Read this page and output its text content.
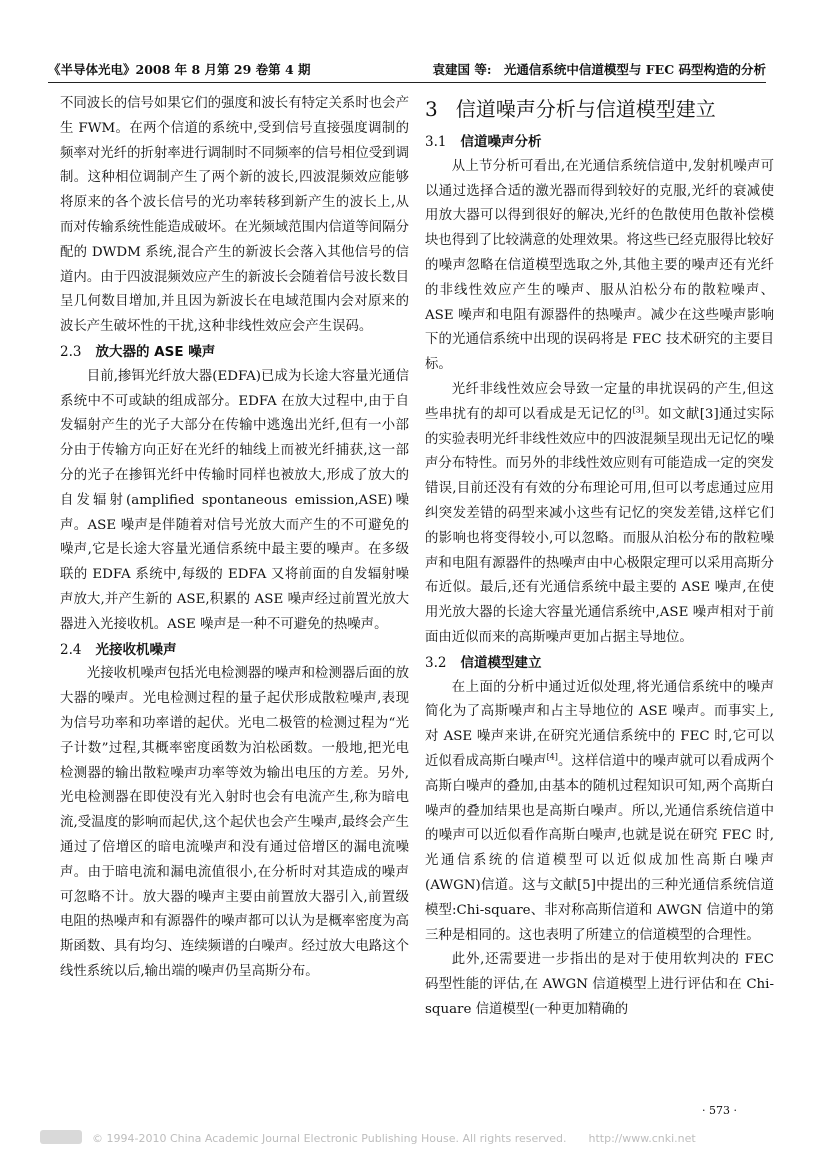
《半导体光电》2008 年 8 月第 29 卷第 4 期	袁建国 等:　光通信系统中信道模型与 FEC 码型构造的分析

不同波长的信号如果它们的强度和波长有特定关系时也会产生 FWM。在两个信道的系统中,受到信号直接强度调制的频率对光纤的折射率进行调制时不同频率的信号相位受到调制。这种相位调制产生了两个新的波长,四波混频效应能够将原来的各个波长信号的光功率转移到新产生的波长上,从而对传输系统性能造成破坏。在光频域范围内信道等间隔分配的 DWDM 系统,混合产生的新波长会落入其他信号的信道内。由于四波混频效应产生的新波长会随着信号波长数目呈几何数目增加,并且因为新波长在电域范围内会对原来的波长产生破坏性的干扰,这种非线性效应会产生误码。

2.3 放大器的 ASE 噪声

目前,掺铒光纤放大器(EDFA)已成为长途大容量光通信系统中不可或缺的组成部分。EDFA 在放大过程中,由于自发辐射产生的光子大部分在传输中逃逸出光纤,但有一小部分由于传输方向正好在光纤的轴线上而被光纤捕获,这一部分的光子在掺铒光纤中传输时同样也被放大,形成了放大的自发辐射(amplified spontaneous emission,ASE)噪声。ASE 噪声是伴随着对信号光放大而产生的不可避免的噪声,它是长途大容量光通信系统中最主要的噪声。在多级联的 EDFA 系统中,每级的 EDFA 又将前面的自发辐射噪声放大,并产生新的 ASE,积累的 ASE 噪声经过前置光放大器进入光接收机。ASE 噪声是一种不可避免的热噪声。

2.4 光接收机噪声

光接收机噪声包括光电检测器的噪声和检测器后面的放大器的噪声。光电检测过程的量子起伏形成散粒噪声,表现为信号功率和功率谱的起伏。光电二极管的检测过程为“光子计数”过程,其概率密度函数为泊松函数。一般地,把光电检测器的输出散粒噪声功率等效为输出电压的方差。另外,光电检测器在即使没有光入射时也会有电流产生,称为暗电流,受温度的影响而起伏,这个起伏也会产生噪声,最终会产生通过了倍增区的暗电流噪声和没有通过倍增区的漏电流噪声。由于暗电流和漏电流值很小,在分析时对其造成的噪声可忽略不计。放大器的噪声主要由前置放大器引入,前置级电阻的热噪声和有源器件的噪声都可以认为是概率密度为高斯函数、具有均匀、连续频谱的白噪声。经过放大电路这个线性系统以后,输出端的噪声仍呈高斯分布。

3 信道噪声分析与信道模型建立
3.1 信道噪声分析

从上节分析可看出,在光通信系统信道中,发射机噪声可以通过选择合适的激光器而得到较好的克服,光纤的衰减使用放大器可以得到很好的解决,光纤的色散使用色散补偿模块也得到了比较满意的处理效果。将这些已经克服得比较好的噪声忽略在信道模型选取之外,其他主要的噪声还有光纤的非线性效应产生的噪声、服从泊松分布的散粒噪声、ASE 噪声和电阻有源器件的热噪声。减少在这些噪声影响下的光通信系统中出现的误码将是 FEC 技术研究的主要目标。

光纤非线性效应会导致一定量的串扰误码的产生,但这些串扰有的却可以看成是无记忆的[3]。如文献[3]通过实际的实验表明光纤非线性效应中的四波混频呈现出无记忆的噪声分布特性。而另外的非线性效应则有可能造成一定的突发错误,目前还没有有效的分布理论可用,但可以考虑通过应用纠突发差错的码型来减小这些有记忆的突发差错,这样它们的影响也将变得较小,可以忽略。而服从泊松分布的散粒噪声和电阻有源器件的热噪声由中心极限定理可以采用高斯分布近似。最后,还有光通信系统中最主要的 ASE 噪声,在使用光放大器的长途大容量光通信系统中,ASE 噪声相对于前面由近似而来的高斯噪声更加占据主导地位。

3.2 信道模型建立

在上面的分析中通过近似处理,将光通信系统中的噪声简化为了高斯噪声和占主导地位的 ASE 噪声。而事实上,对 ASE 噪声来讲,在研究光通信系统中的 FEC 时,它可以近似看成高斯白噪声[4]。这样信道中的噪声就可以看成两个高斯白噪声的叠加,由基本的随机过程知识可知,两个高斯白噪声的叠加结果也是高斯白噪声。所以,光通信系统信道中的噪声可以近似看作高斯白噪声,也就是说在研究 FEC 时,光通信系统的信道模型可以近似成加性高斯白噪声(AWGN)信道。这与文献[5]中提出的三种光通信系统信道模型:Chi-square、非对称高斯信道和 AWGN 信道中的第三种是相同的。这也表明了所建立的信道模型的合理性。

此外,还需要进一步指出的是对于使用软判决的 FEC 码型性能的评估,在 AWGN 信道模型上进行评估和在 Chi-square 信道模型(一种更加精确的

· 573 ·
© 1994-2010 China Academic Journal Electronic Publishing House. All rights reserved.　　http://www.cnki.net
